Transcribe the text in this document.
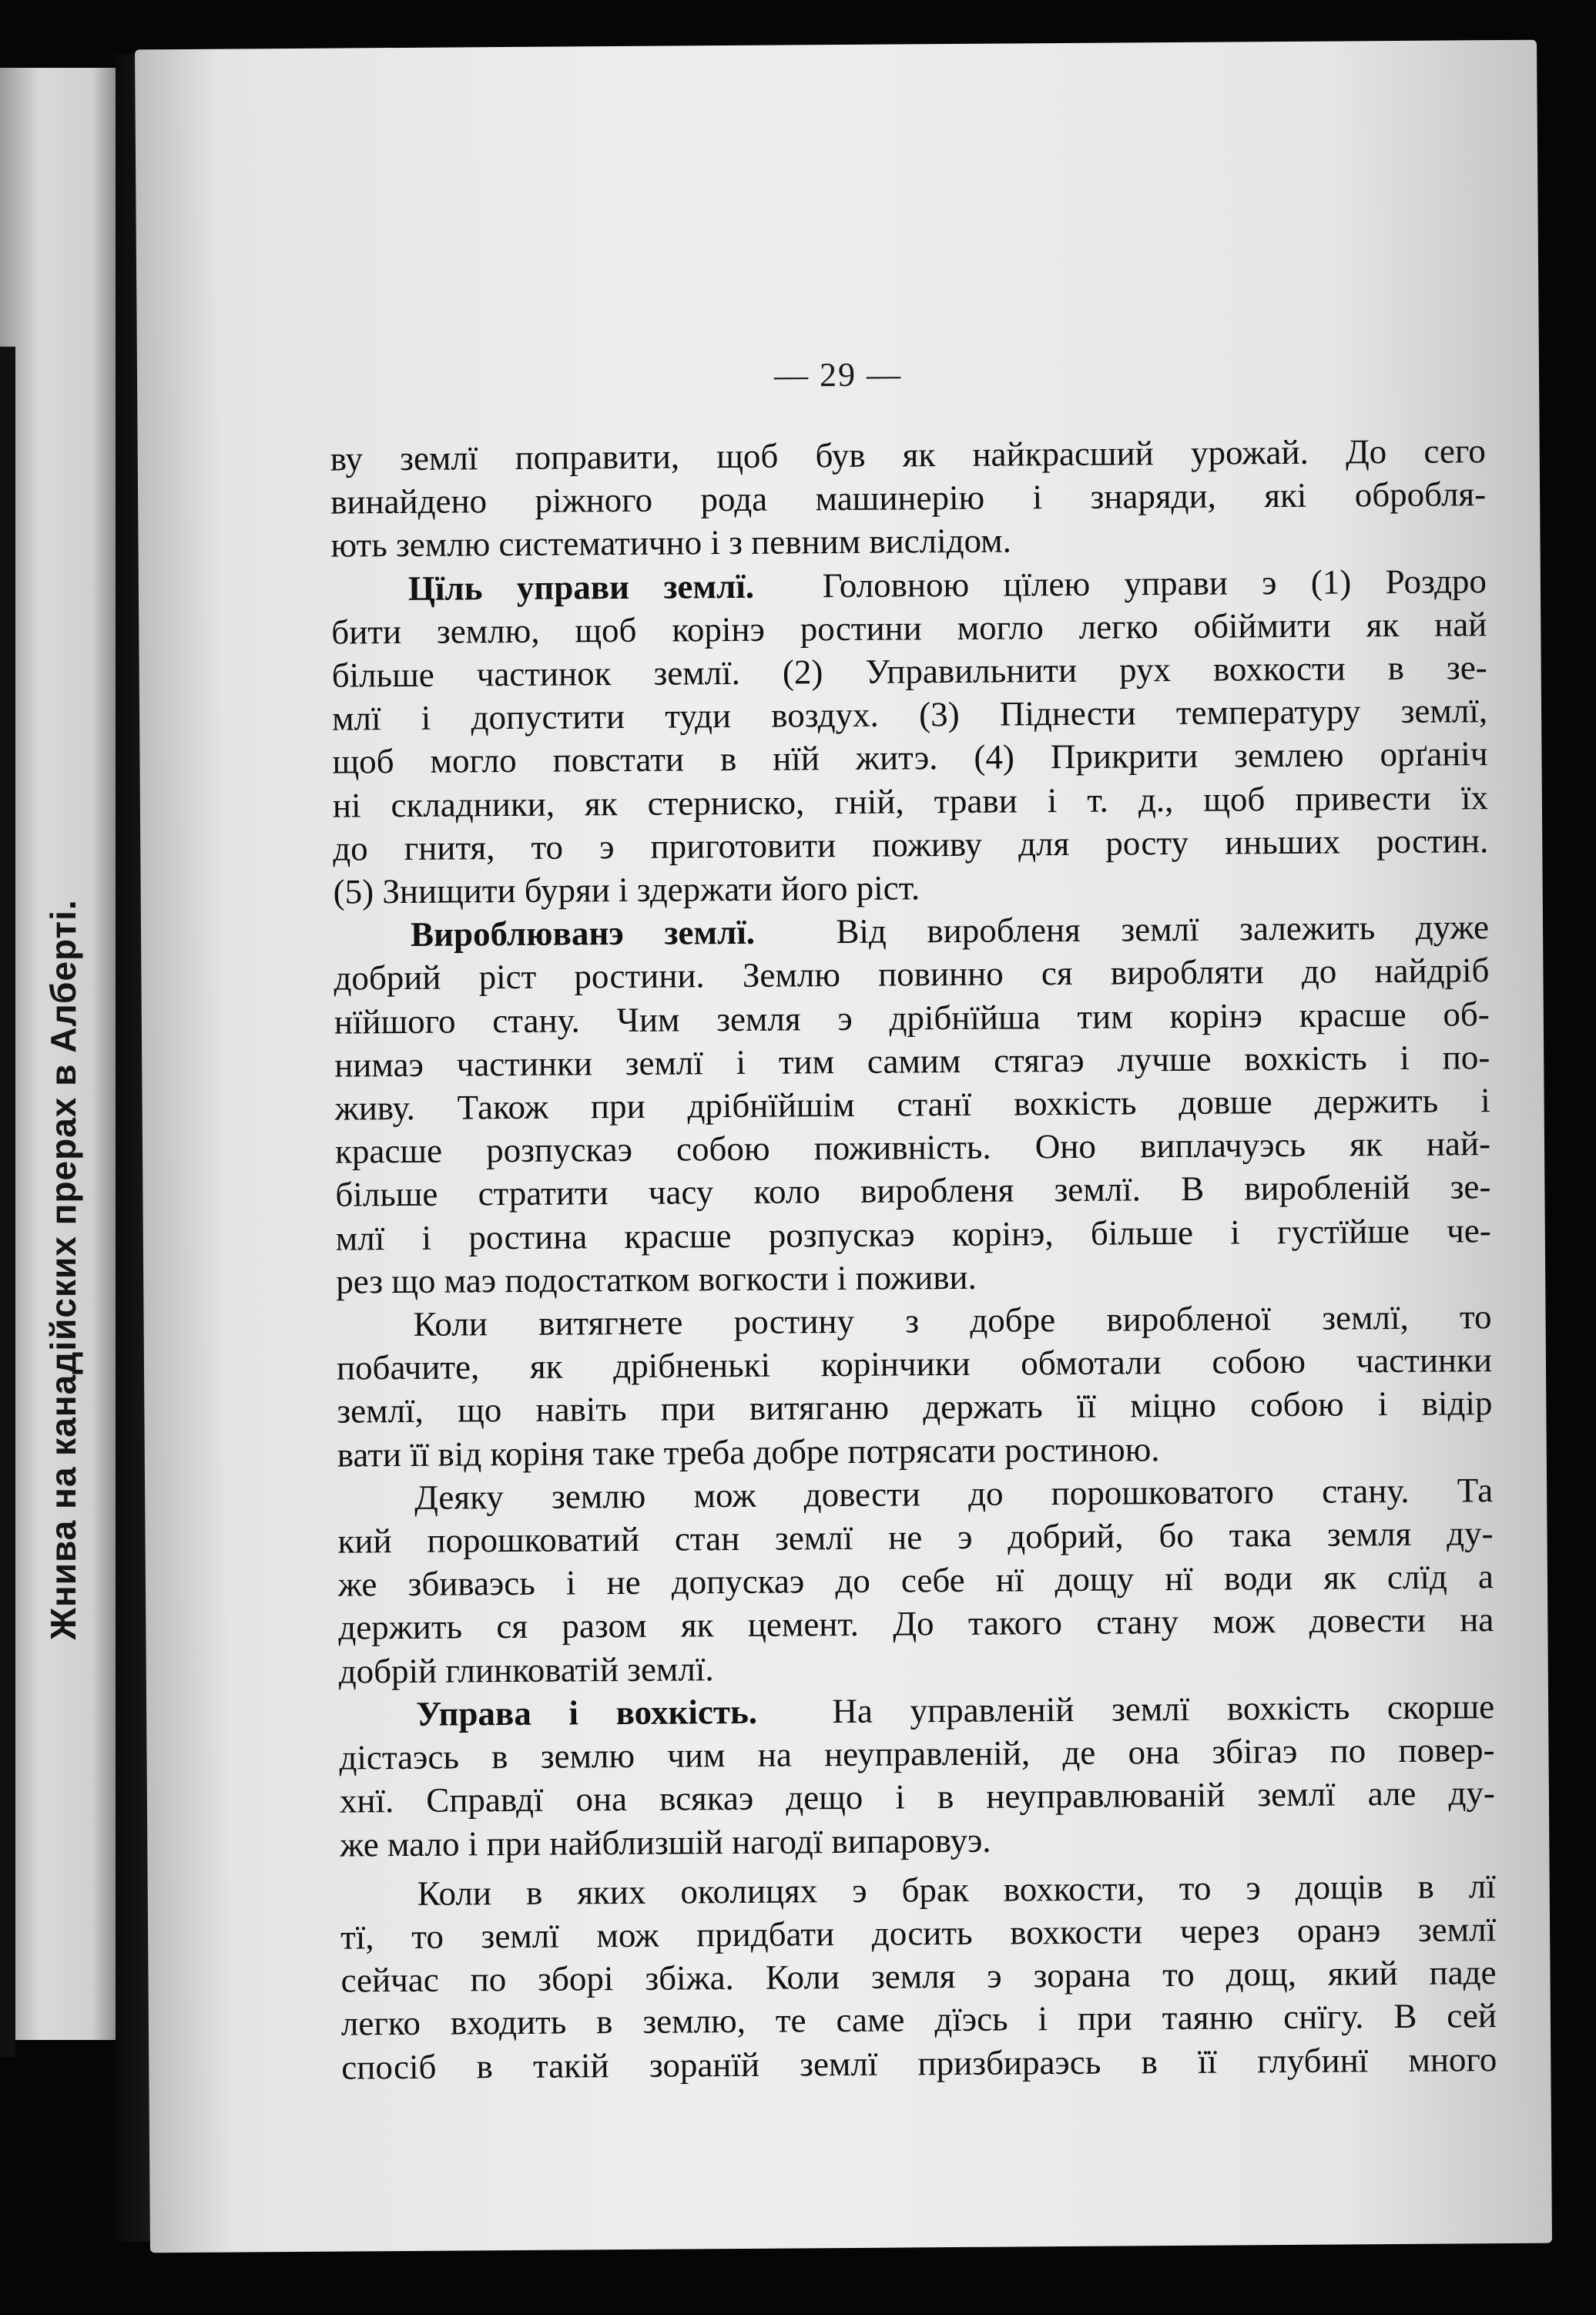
Жнива на канадійских прерах в Алберті.
— 29 —
ву землї поправити, щоб був як найкрасший урожай. До сего
винайдено ріжного рода машинерію і знаряди, які обробля-
ють землю систематично і з певним вислідом.
Цїль управи землї. Головною цїлею управи э (1) Роздро
бити землю, щоб корінэ ростини могло легко обіймити як най
більше частинок землї. (2) Управильнити рух вохкости в зе-
млї і допустити туди воздух. (3) Піднести температуру землї,
щоб могло повстати в нїй житэ. (4) Прикрити землею орґаніч
ні складники, як стерниско, гній, трави і т. д., щоб привести їх
до гнитя, то э приготовити поживу для росту иньших ростин.
(5) Знищити буряи і здержати його ріст.
Вироблюванэ землї. Від виробленя землї залежить дуже
добрий ріст ростини. Землю повинно ся виробляти до найдріб
нїйшого стану. Чим земля э дрібнїйша тим корінэ красше об-
нимаэ частинки землї і тим самим стягаэ лучше вохкість і по-
живу. Також при дрібнїйшім станї вохкість довше держить і
красше розпускаэ собою поживність. Оно виплачуэсь як най-
більше стратити часу коло виробленя землї. В виробленій зе-
млї і ростина красше розпускаэ корінэ, більше і густїйше че-
рез що маэ подостатком вогкости і поживи.
Коли витягнете ростину з добре виробленої землї, то
побачите, як дрібненькі корінчики обмотали собою частинки
землї, що навіть при витяганю держать її міцно собою і відір
вати її від коріня таке треба добре потрясати ростиною.
Деяку землю мож довести до порошковатого стану. Та
кий порошковатий стан землї не э добрий, бо така земля ду-
же збиваэсь і не допускаэ до себе нї дощу нї води як слїд а
держить ся разом як цемент. До такого стану мож довести на
добрій глинковатій землї.
Управа і вохкість. На управленій землї вохкість скорше
дістаэсь в землю чим на неуправленій, де она збігаэ по повер-
хнї. Справдї она всякаэ дещо і в неуправлюваній землї але ду-
же мало і при найблизшій нагодї випаровуэ.
Коли в яких околицях э брак вохкости, то э дощів в лї
тї, то землї мож придбати досить вохкости через оранэ землї
сейчас по зборі збіжа. Коли земля э зорана то дощ, який паде
легко входить в землю, те саме дїэсь і при таяню снїгу. В сей
спосіб в такій зоранїй землї призбираэсь в її глубинї много
